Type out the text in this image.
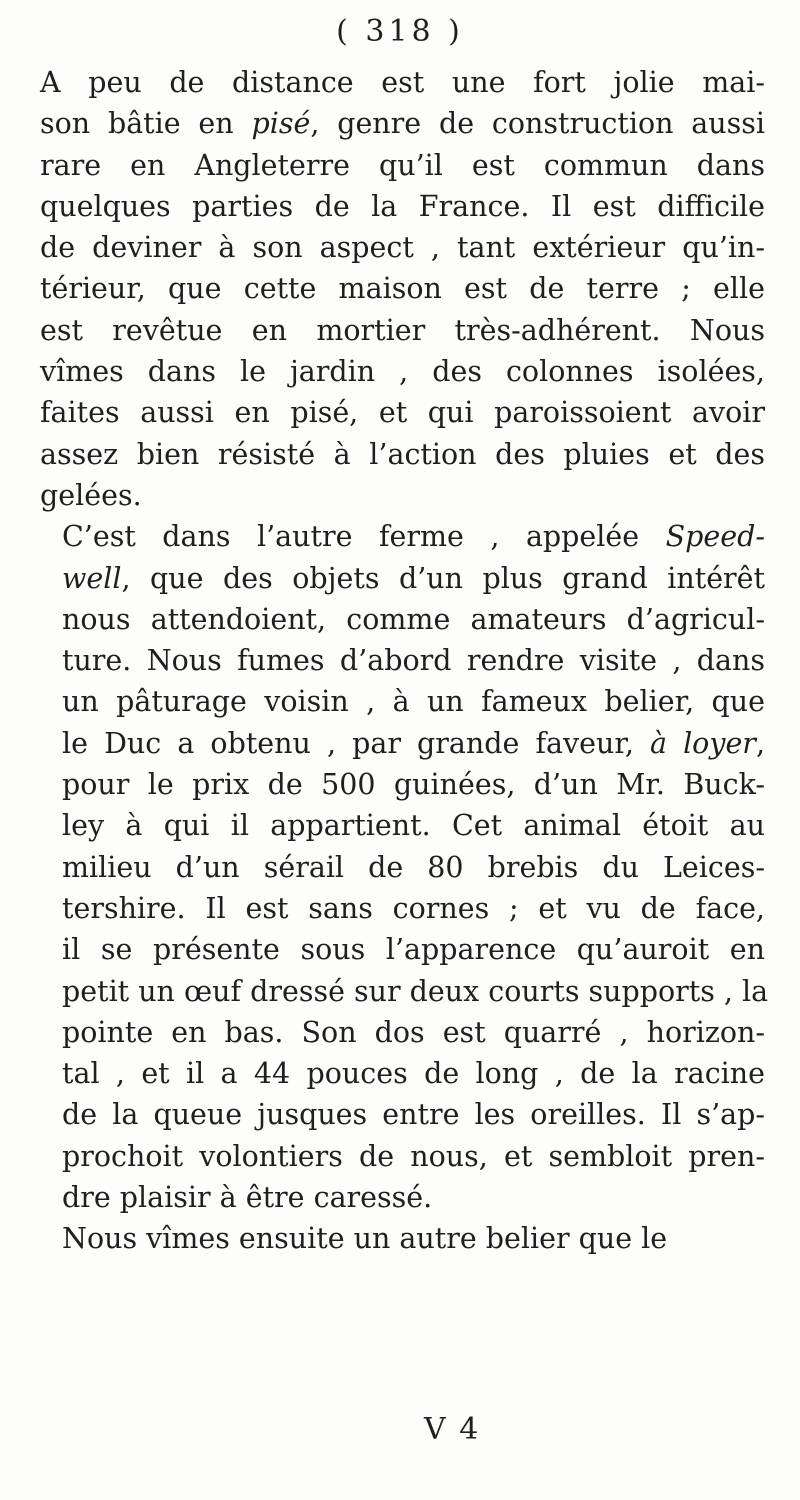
( 318 )
A peu de distance est une fort jolie mai-
son bâtie en pisé, genre de construction aussi
rare en Angleterre qu’il est commun dans
quelques parties de la France. Il est difficile
de deviner à son aspect , tant extérieur qu’in-
térieur, que cette maison est de terre ; elle
est revêtue en mortier très-adhérent. Nous
vîmes dans le jardin , des colonnes isolées,
faites aussi en pisé, et qui paroissoient avoir
assez bien résisté à l’action des pluies et des
gelées.
C’est dans l’autre ferme , appelée Speed-
well, que des objets d’un plus grand intérêt
nous attendoient, comme amateurs d’agricul-
ture. Nous fumes d’abord rendre visite , dans
un pâturage voisin , à un fameux belier, que
le Duc a obtenu , par grande faveur, à loyer,
pour le prix de 500 guinées, d’un Mr. Buck-
ley à qui il appartient. Cet animal étoit au
milieu d’un sérail de 80 brebis du Leices-
tershire. Il est sans cornes ; et vu de face,
il se présente sous l’apparence qu’auroit en
petit un œuf dressé sur deux courts supports , la
pointe en bas. Son dos est quarré , horizon-
tal , et il a 44 pouces de long , de la racine
de la queue jusques entre les oreilles. Il s’ap-
prochoit volontiers de nous, et sembloit pren-
dre plaisir à être caressé.
Nous vîmes ensuite un autre belier que le
V 4
